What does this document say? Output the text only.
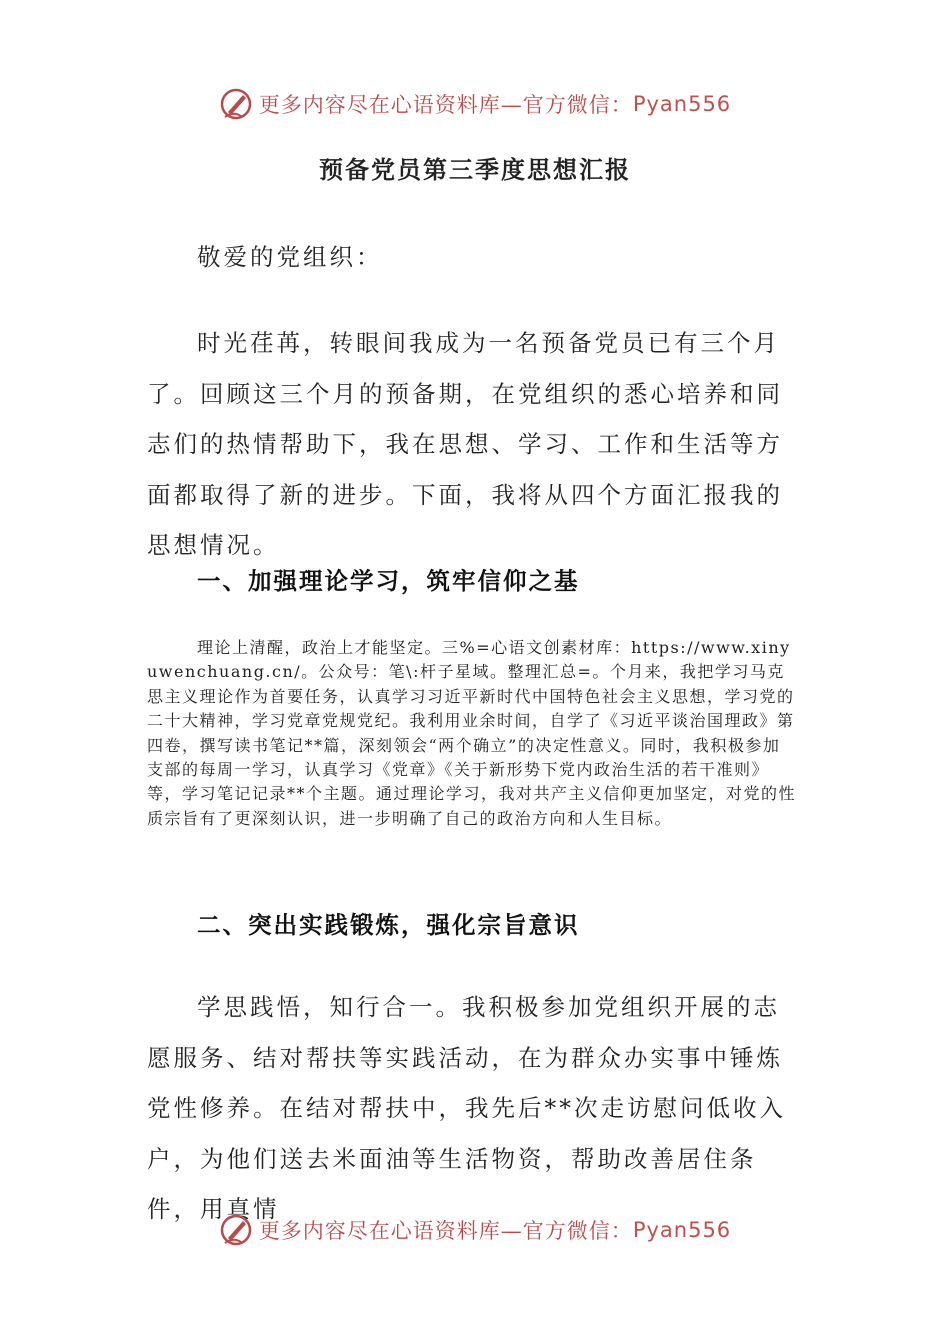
更多内容尽在心语资料库—官方微信： Pyan556
预备党员第三季度思想汇报

敬爱的党组织：

时光荏苒，转眼间我成为一名预备党员已有三个月了。回顾这三个月的预备期，在党组织的悉心培养和同志们的热情帮助下，我在思想、学习、工作和生活等方面都取得了新的进步。下面，我将从四个方面汇报我的思想情况。

一、加强理论学习，筑牢信仰之基

理论上清醒，政治上才能坚定。三%=心语文创素材库：https://www.xinyuwenchuang.cn/。公众号：笔\:杆子星域。整理汇总=。个月来，我把学习马克思主义理论作为首要任务，认真学习习近平新时代中国特色社会主义思想，学习党的二十大精神，学习党章党规党纪。我利用业余时间，自学了《习近平谈治国理政》第四卷，撰写读书笔记**篇，深刻领会“两个确立”的决定性意义。同时，我积极参加支部的每周一学习，认真学习《党章》《关于新形势下党内政治生活的若干准则》等，学习笔记记录**个主题。通过理论学习，我对共产主义信仰更加坚定，对党的性质宗旨有了更深刻认识，进一步明确了自己的政治方向和人生目标。

二、突出实践锻炼，强化宗旨意识

学思践悟，知行合一。我积极参加党组织开展的志愿服务、结对帮扶等实践活动，在为群众办实事中锤炼党性修养。在结对帮扶中，我先后**次走访慰问低收入户，为他们送去米面油等生活物资，帮助改善居住条件，用真情

更多内容尽在心语资料库—官方微信： Pyan556
